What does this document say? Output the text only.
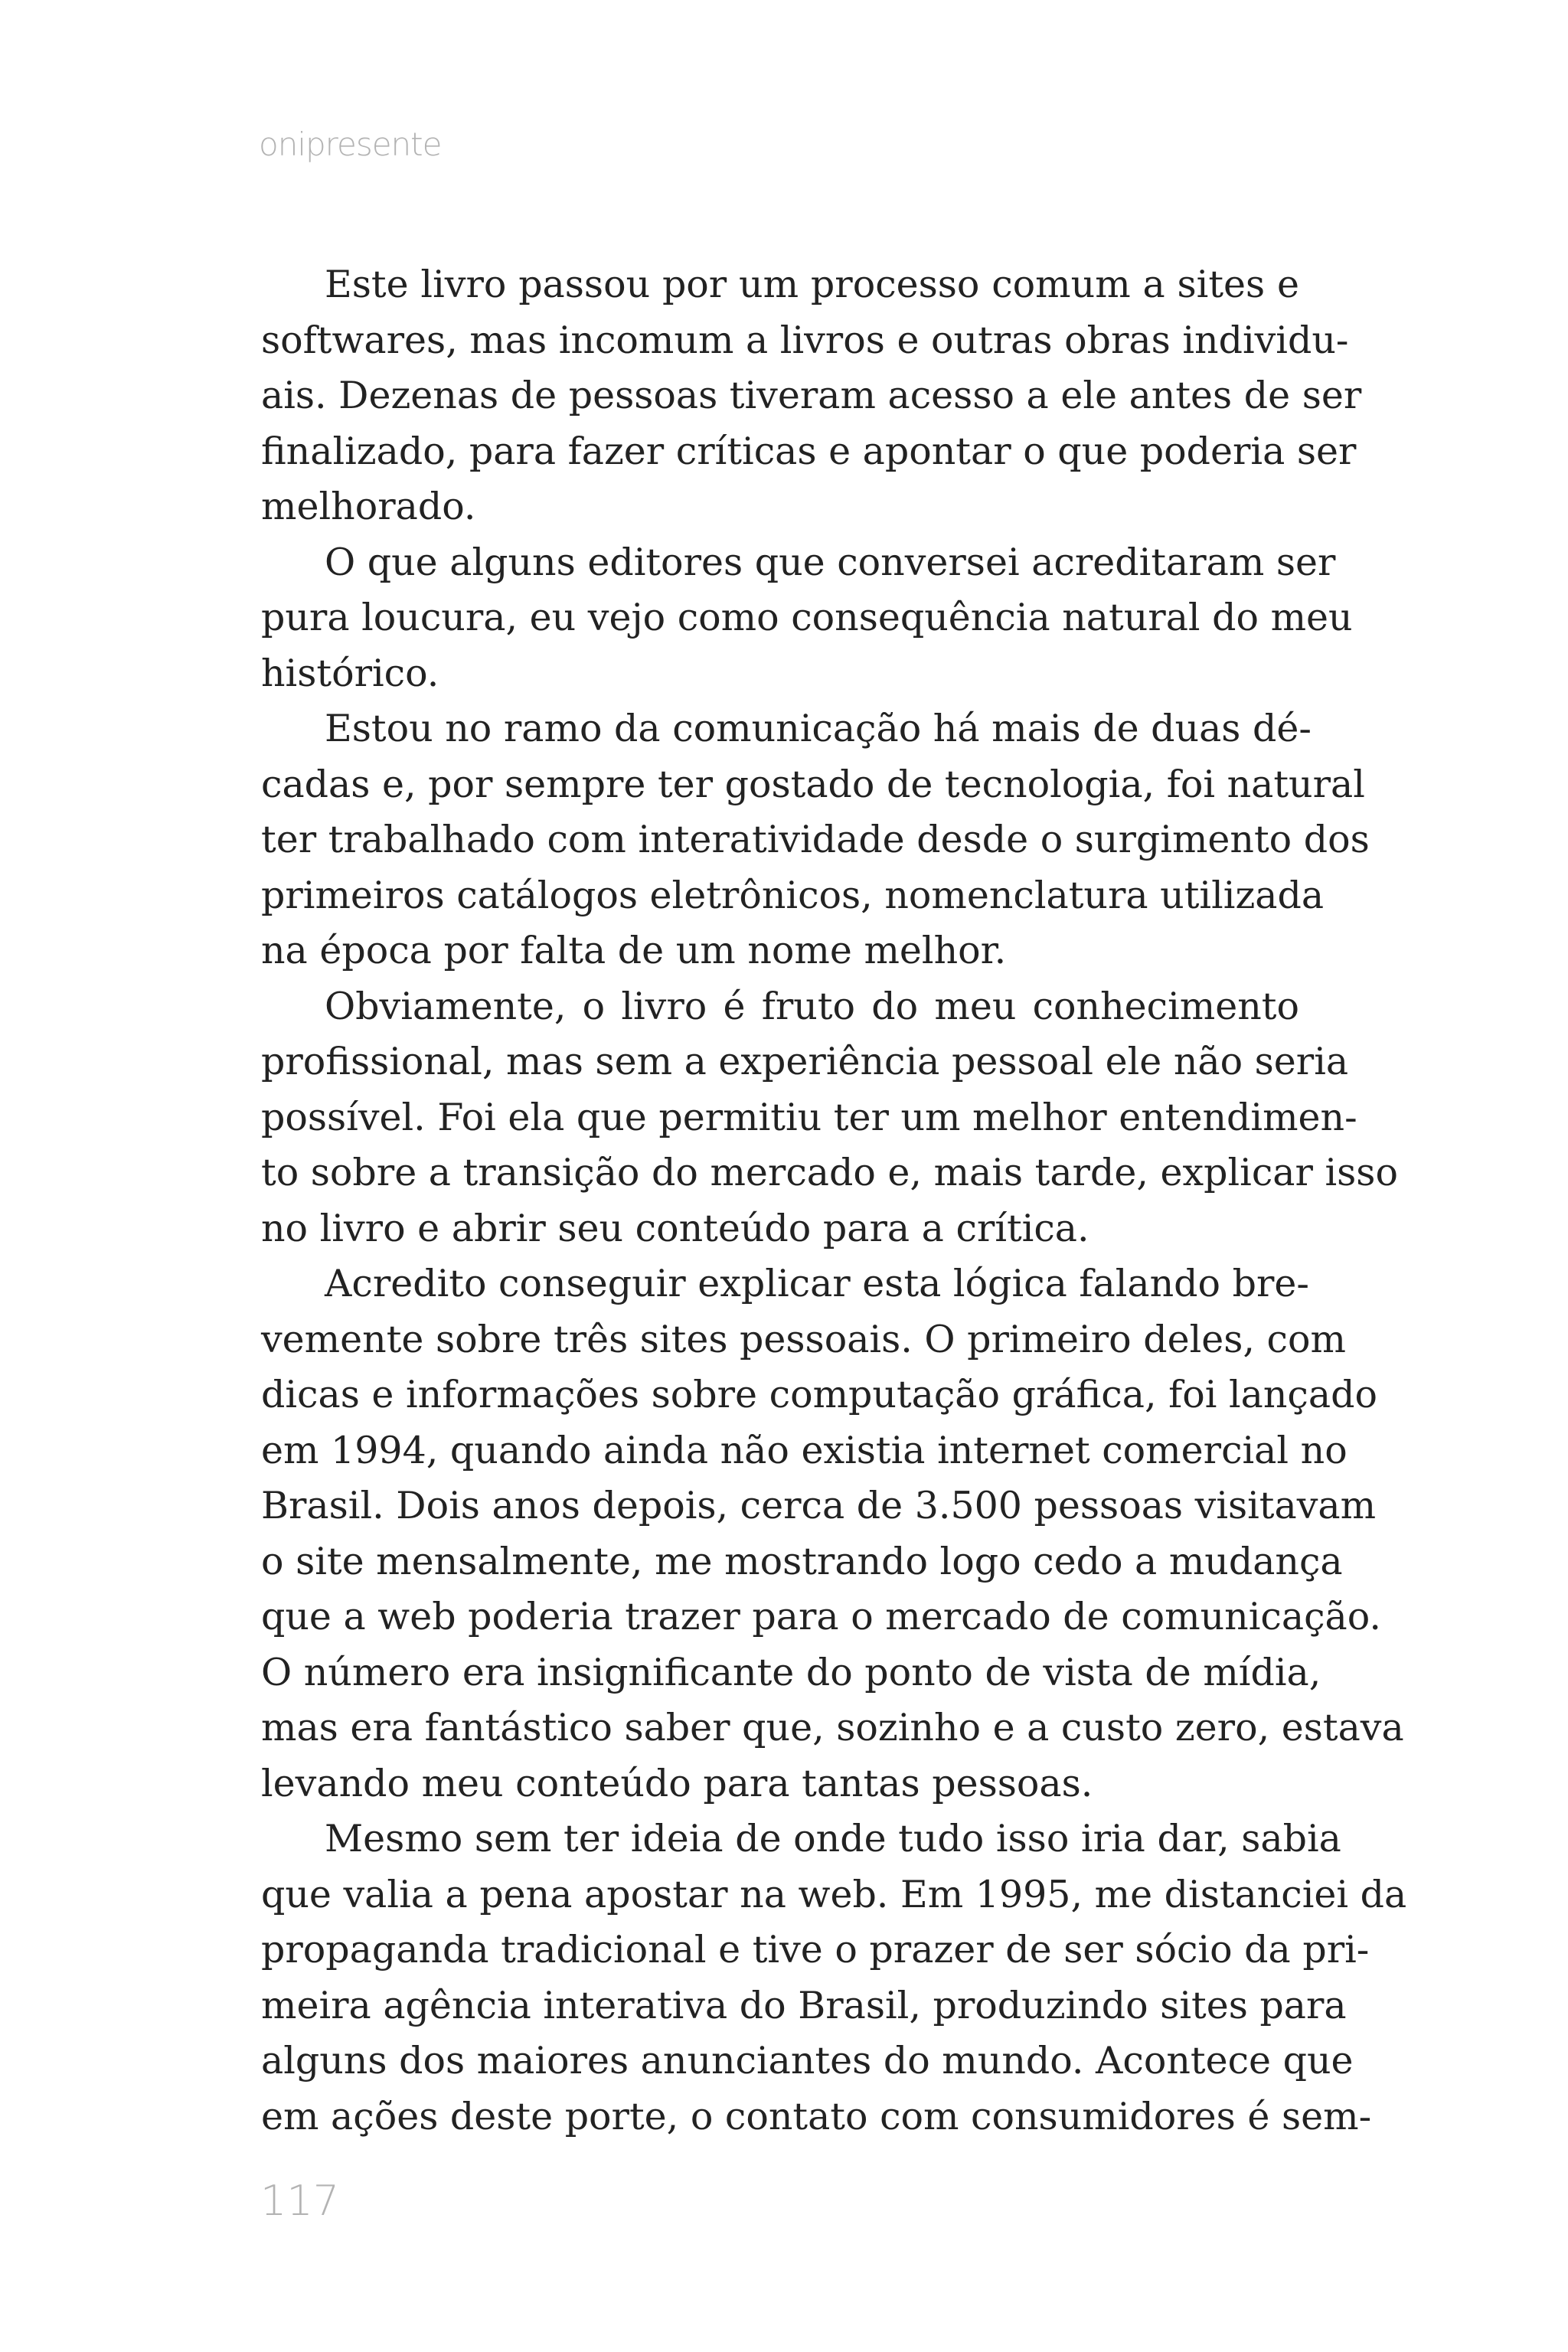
onipresente
Este livro passou por um processo comum a sites e
softwares, mas incomum a livros e outras obras individu-
ais. Dezenas de pessoas tiveram acesso a ele antes de ser
finalizado, para fazer críticas e apontar o que poderia ser
melhorado.
O que alguns editores que conversei acreditaram ser
pura loucura, eu vejo como consequência natural do meu
histórico.
Estou no ramo da comunicação há mais de duas dé-
cadas e, por sempre ter gostado de tecnologia, foi natural
ter trabalhado com interatividade desde o surgimento dos
primeiros catálogos eletrônicos, nomenclatura utilizada
na época por falta de um nome melhor.
Obviamente, o livro é fruto do meu conhecimento
profissional, mas sem a experiência pessoal ele não seria
possível. Foi ela que permitiu ter um melhor entendimen-
to sobre a transição do mercado e, mais tarde, explicar isso
no livro e abrir seu conteúdo para a crítica.
Acredito conseguir explicar esta lógica falando bre-
vemente sobre três sites pessoais. O primeiro deles, com
dicas e informações sobre computação gráfica, foi lançado
em 1994, quando ainda não existia internet comercial no
Brasil. Dois anos depois, cerca de 3.500 pessoas visitavam
o site mensalmente, me mostrando logo cedo a mudança
que a web poderia trazer para o mercado de comunicação.
O número era insignificante do ponto de vista de mídia,
mas era fantástico saber que, sozinho e a custo zero, estava
levando meu conteúdo para tantas pessoas.
Mesmo sem ter ideia de onde tudo isso iria dar, sabia
que valia a pena apostar na web. Em 1995, me distanciei da
propaganda tradicional e tive o prazer de ser sócio da pri-
meira agência interativa do Brasil, produzindo sites para
alguns dos maiores anunciantes do mundo. Acontece que
em ações deste porte, o contato com consumidores é sem-
117
